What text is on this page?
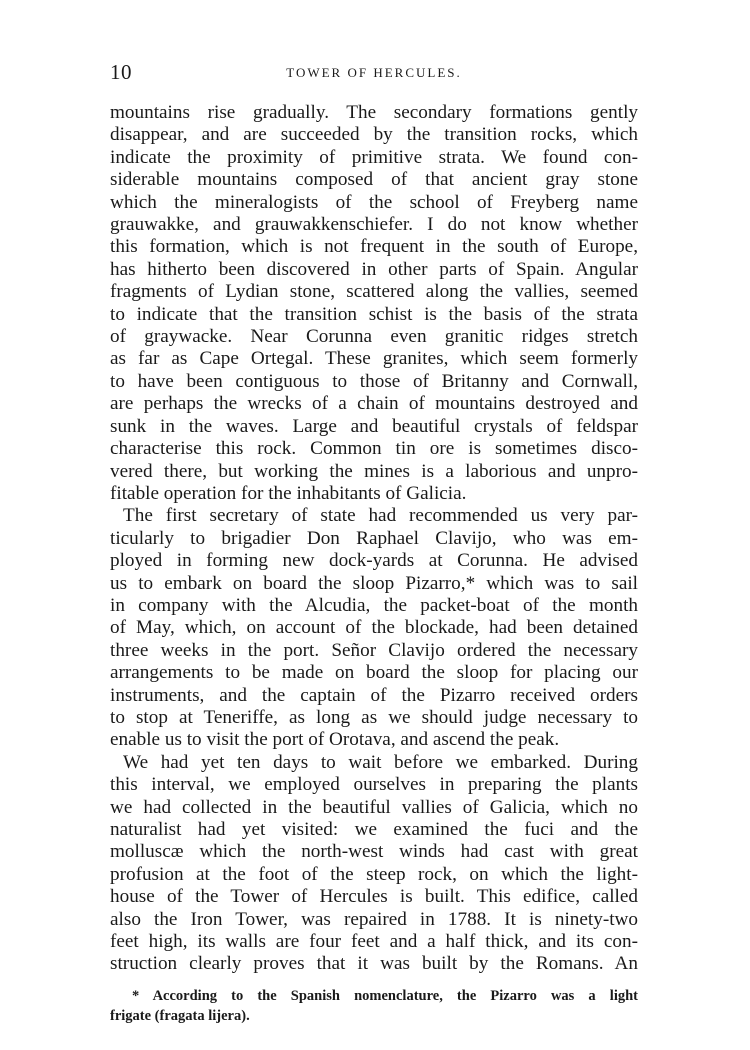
10	TOWER OF HERCULES.
mountains rise gradually. The secondary formations gently
disappear, and are succeeded by the transition rocks, which
indicate the proximity of primitive strata. We found con-
siderable mountains composed of that ancient gray stone
which the mineralogists of the school of Freyberg name
grauwakke, and grauwakkenschiefer. I do not know whether
this formation, which is not frequent in the south of Europe,
has hitherto been discovered in other parts of Spain. Angular
fragments of Lydian stone, scattered along the vallies, seemed
to indicate that the transition schist is the basis of the strata
of graywacke. Near Corunna even granitic ridges stretch
as far as Cape Ortegal. These granites, which seem formerly
to have been contiguous to those of Britanny and Cornwall,
are perhaps the wrecks of a chain of mountains destroyed and
sunk in the waves. Large and beautiful crystals of feldspar
characterise this rock. Common tin ore is sometimes disco-
vered there, but working the mines is a laborious and unpro-
fitable operation for the inhabitants of Galicia.
The first secretary of state had recommended us very par-
ticularly to brigadier Don Raphael Clavijo, who was em-
ployed in forming new dock-yards at Corunna. He advised
us to embark on board the sloop Pizarro,* which was to sail
in company with the Alcudia, the packet-boat of the month
of May, which, on account of the blockade, had been detained
three weeks in the port. Señor Clavijo ordered the necessary
arrangements to be made on board the sloop for placing our
instruments, and the captain of the Pizarro received orders
to stop at Teneriffe, as long as we should judge necessary to
enable us to visit the port of Orotava, and ascend the peak.
We had yet ten days to wait before we embarked. During
this interval, we employed ourselves in preparing the plants
we had collected in the beautiful vallies of Galicia, which no
naturalist had yet visited: we examined the fuci and the
molluscæ which the north-west winds had cast with great
profusion at the foot of the steep rock, on which the light-
house of the Tower of Hercules is built. This edifice, called
also the Iron Tower, was repaired in 1788. It is ninety-two
feet high, its walls are four feet and a half thick, and its con-
struction clearly proves that it was built by the Romans. An
* According to the Spanish nomenclature, the Pizarro was a light
frigate (fragata lijera).
